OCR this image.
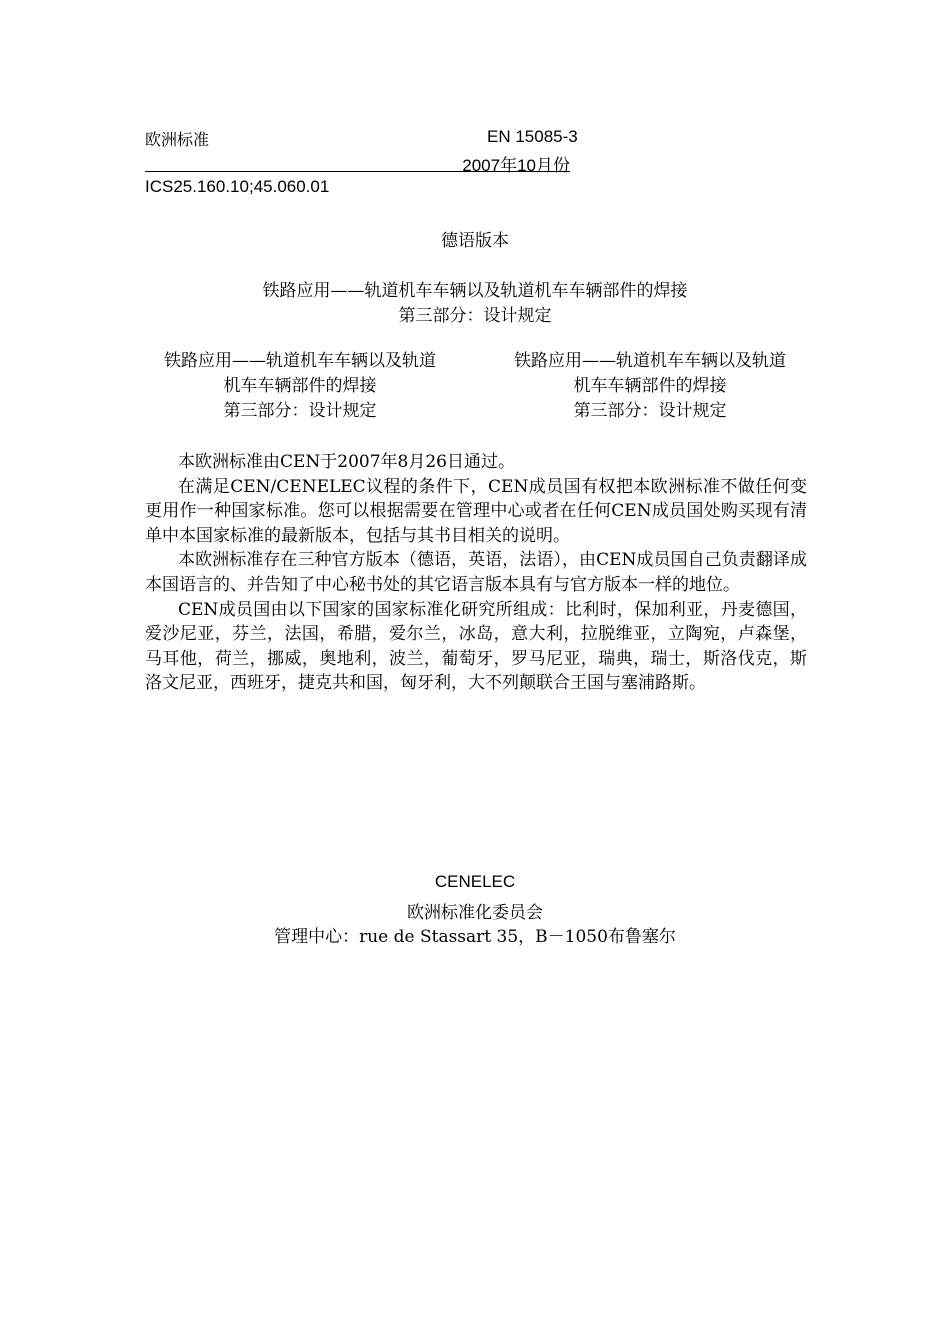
欧洲标准	EN 15085-3
2007年10月份
ICS25.160.10;45.060.01
德语版本
铁路应用——轨道机车车辆以及轨道机车车辆部件的焊接
第三部分：设计规定
铁路应用——轨道机车车辆以及轨道
机车车辆部件的焊接
第三部分：设计规定
铁路应用——轨道机车车辆以及轨道
机车车辆部件的焊接
第三部分：设计规定

本欧洲标准由CEN于2007年8月26日通过。

在满足CEN/CENELEC议程的条件下，CEN成员国有权把本欧洲标准不做任何变更用作一种国家标准。您可以根据需要在管理中心或者在任何CEN成员国处购买现有清单中本国家标准的最新版本，包括与其书目相关的说明。

本欧洲标准存在三种官方版本（德语，英语，法语），由CEN成员国自己负责翻译成本国语言的、并告知了中心秘书处的其它语言版本具有与官方版本一样的地位。

CEN成员国由以下国家的国家标准化研究所组成：比利时，保加利亚，丹麦德国，爱沙尼亚，芬兰，法国，希腊，爱尔兰，冰岛，意大利，拉脱维亚，立陶宛，卢森堡，马耳他，荷兰，挪威，奥地利，波兰，葡萄牙，罗马尼亚，瑞典，瑞士，斯洛伐克，斯洛文尼亚，西班牙，捷克共和国，匈牙利，大不列颠联合王国与塞浦路斯。

CENELEC
欧洲标准化委员会
管理中心：rue de Stassart 35，B－1050布鲁塞尔
